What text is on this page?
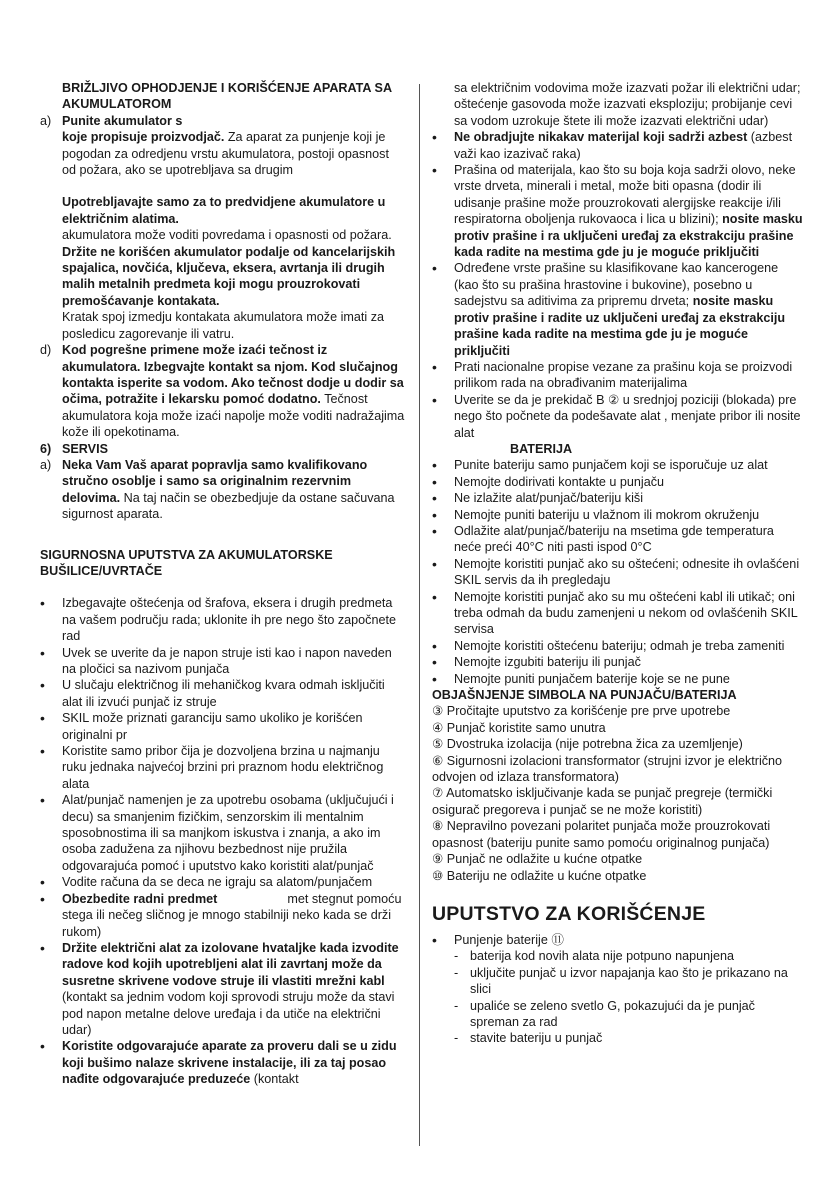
BRIŽLJIVO OPHODJENJE I KORIŠĆENJE APARATA SA AKUMULATOROM

a) Punite akumulator s

koje propisuje proizvodjač. Za aparat za punjenje koji je pogodan za odredjenu vrstu akumulatora, postoji opasnost od požara, ako se upotrebljava sa drugim

Upotrebljavajte samo za to predvidjene akumulatore u električnim alatima.

akumulatora može voditi povredama i opasnosti od požara.

Držite ne korišćen akumulator podalje od kancelarijskih spajalica, novčića, ključeva, eksera, avrtanja ili drugih malih metalnih predmeta koji mogu prouzrokovati premošćavanje kontakata.

Kratak spoj izmedju kontakata akumulatora može imati za posledicu zagorevanje ili vatru.

d) Kod pogrešne primene može izaći tečnost iz akumulatora. Izbegvajte kontakt sa njom. Kod slučajnog kontakta isperite sa vodom. Ako tečnost dodje u dodir sa očima, potražite i lekarsku pomoć dodatno. Tečnost akumulatora koja može izaći napolje može voditi nadražajima kože ili opekotinama.

6) SERVIS

a) Neka Vam Vaš aparat popravlja samo kvalifikovano stručno osoblje i samo sa originalnim rezervnim delovima. Na taj način se obezbedjuje da ostane sačuvana sigurnost aparata.

SIGURNOSNA UPUTSTVA ZA AKUMULATORSKE BUŠILICE/UVRTAČE

• Izbegavajte oštećenja od šrafova, eksera i drugih predmeta na vašem području rada; uklonite ih pre nego što započnete rad

• Uvek se uverite da je napon struje isti kao i napon naveden na pločici sa nazivom punjača

• U slučaju električnog ili mehaničkog kvara odmah isključiti alat ili izvući punjač iz struje

• SKIL može priznati garanciju samo ukoliko je korišćen originalni pr

• Koristite samo pribor čija je dozvoljena brzina u najmanju ruku jednaka najvećoj brzini pri praznom hodu električnog alata

• Alat/punjač namenjen je za upotrebu osobama (uključujući i decu) sa smanjenim fizičkim, senzorskim ili mentalnim sposobnostima ili sa manjkom iskustva i znanja, a ako im osoba zadužena za njihovu bezbednost nije pružila odgovarajuća pomoć i uputstvo kako koristiti alat/punjač

• Vodite računa da se deca ne igraju sa alatom/punjačem

• Obezbedite radni predmet                    met stegnut pomoću stega ili nečeg sličnog je mnogo stabilniji neko kada se drži rukom)

• Držite električni alat za izolovane hvataljke kada izvodite radove kod kojih upotrebljeni alat ili zavrtanj može da susretne skrivene vodove struje ili vlastiti mrežni kabl (kontakt sa jednim vodom koji sprovodi struju može da stavi pod napon metalne delove uređaja i da utiče na električni udar)

• Koristite odgovarajuće aparate za proveru dali se u zidu koji bušimo nalaze skrivene instalacije, ili za taj posao nađite odgovarajuće preduzeće (kontakt

sa električnim vodovima može izazvati požar ili električni udar; oštećenje gasovoda može izazvati eksploziju; probijanje cevi sa vodom uzrokuje štete ili može izazvati električni udar)

• Ne obradjujte nikakav materijal koji sadrži azbest (azbest važi kao izazivač raka)

• Prašina od materijala, kao što su boja koja sadrži olovo, neke vrste drveta, minerali i metal, može biti opasna (dodir ili udisanje prašine može prouzrokovati alergijske reakcije i/ili respiratorna oboljenja rukovaoca i lica u blizini); nosite masku protiv prašine i ra uključeni uređaj za ekstrakciju prašine kada radite na mestima gde ju je moguće priključiti

• Određene vrste prašine su klasifikovane kao kancerogene (kao što su prašina hrastovine i bukovine), posebno u sadejstvu sa aditivima za pripremu drveta; nosite masku protiv prašine i radite uz uključeni uređaj za ekstrakciju prašine kada radite na mestima gde ju je moguće priključiti

• Prati nacionalne propise vezane za prašinu koja se proizvodi prilikom rada na obrađivanim materijalima

• Uverite se da je prekidač B ② u srednjoj poziciji (blokada) pre nego što počnete da podešavate alat , menjate pribor ili nosite alat

BATERIJA

• Punite bateriju samo punjačem koji se isporučuje uz alat

• Nemojte dodirivati kontakte u punjaču

• Ne izlažite alat/punjač/bateriju kiši

• Nemojte puniti bateriju u vlažnom ili mokrom okruženju

• Odlažite alat/punjač/bateriju na msetima gde temperatura neće preći 40°C niti pasti ispod 0°C

• Nemojte koristiti punjač ako su oštećeni; odnesite ih ovlašćeni SKIL servis da ih pregledaju

• Nemojte koristiti punjač ako su mu oštećeni kabl ili utikač; oni treba odmah da budu zamenjeni u nekom od ovlašćenih SKIL servisa

• Nemojte koristiti oštećenu bateriju; odmah je treba zameniti

• Nemojte izgubiti bateriju ili punjač

• Nemojte puniti punjačem baterije koje se ne pune

OBJAŠNJENJE SIMBOLA NA PUNJAČU/BATERIJA

③ Pročitajte uputstvo za korišćenje pre prve upotrebe

④ Punjač koristite samo unutra

⑤ Dvostruka izolacija (nije potrebna žica za uzemljenje)

⑥ Sigurnosni izolacioni transformator (strujni izvor je električno odvojen od izlaza transformatora)

⑦ Automatsko isključivanje kada se punjač pregreje (termički osigurač pregoreva i punjač se ne može koristiti)

⑧ Nepravilno povezani polaritet punjača može prouzrokovati opasnost (bateriju punite samo pomoću originalnog punjača)

⑨ Punjač ne odlažite u kućne otpatke

⑩ Bateriju ne odlažite u kućne otpatke

UPUTSTVO ZA KORIŠĆENJE

• Punjenje baterije ⑪

- baterija kod novih alata nije potpuno napunjena

- uključite punjač u izvor napajanja kao što je prikazano na slici

- upaliće se zeleno svetlo G, pokazujući da je punjač spreman za rad

- stavite bateriju u punjač
